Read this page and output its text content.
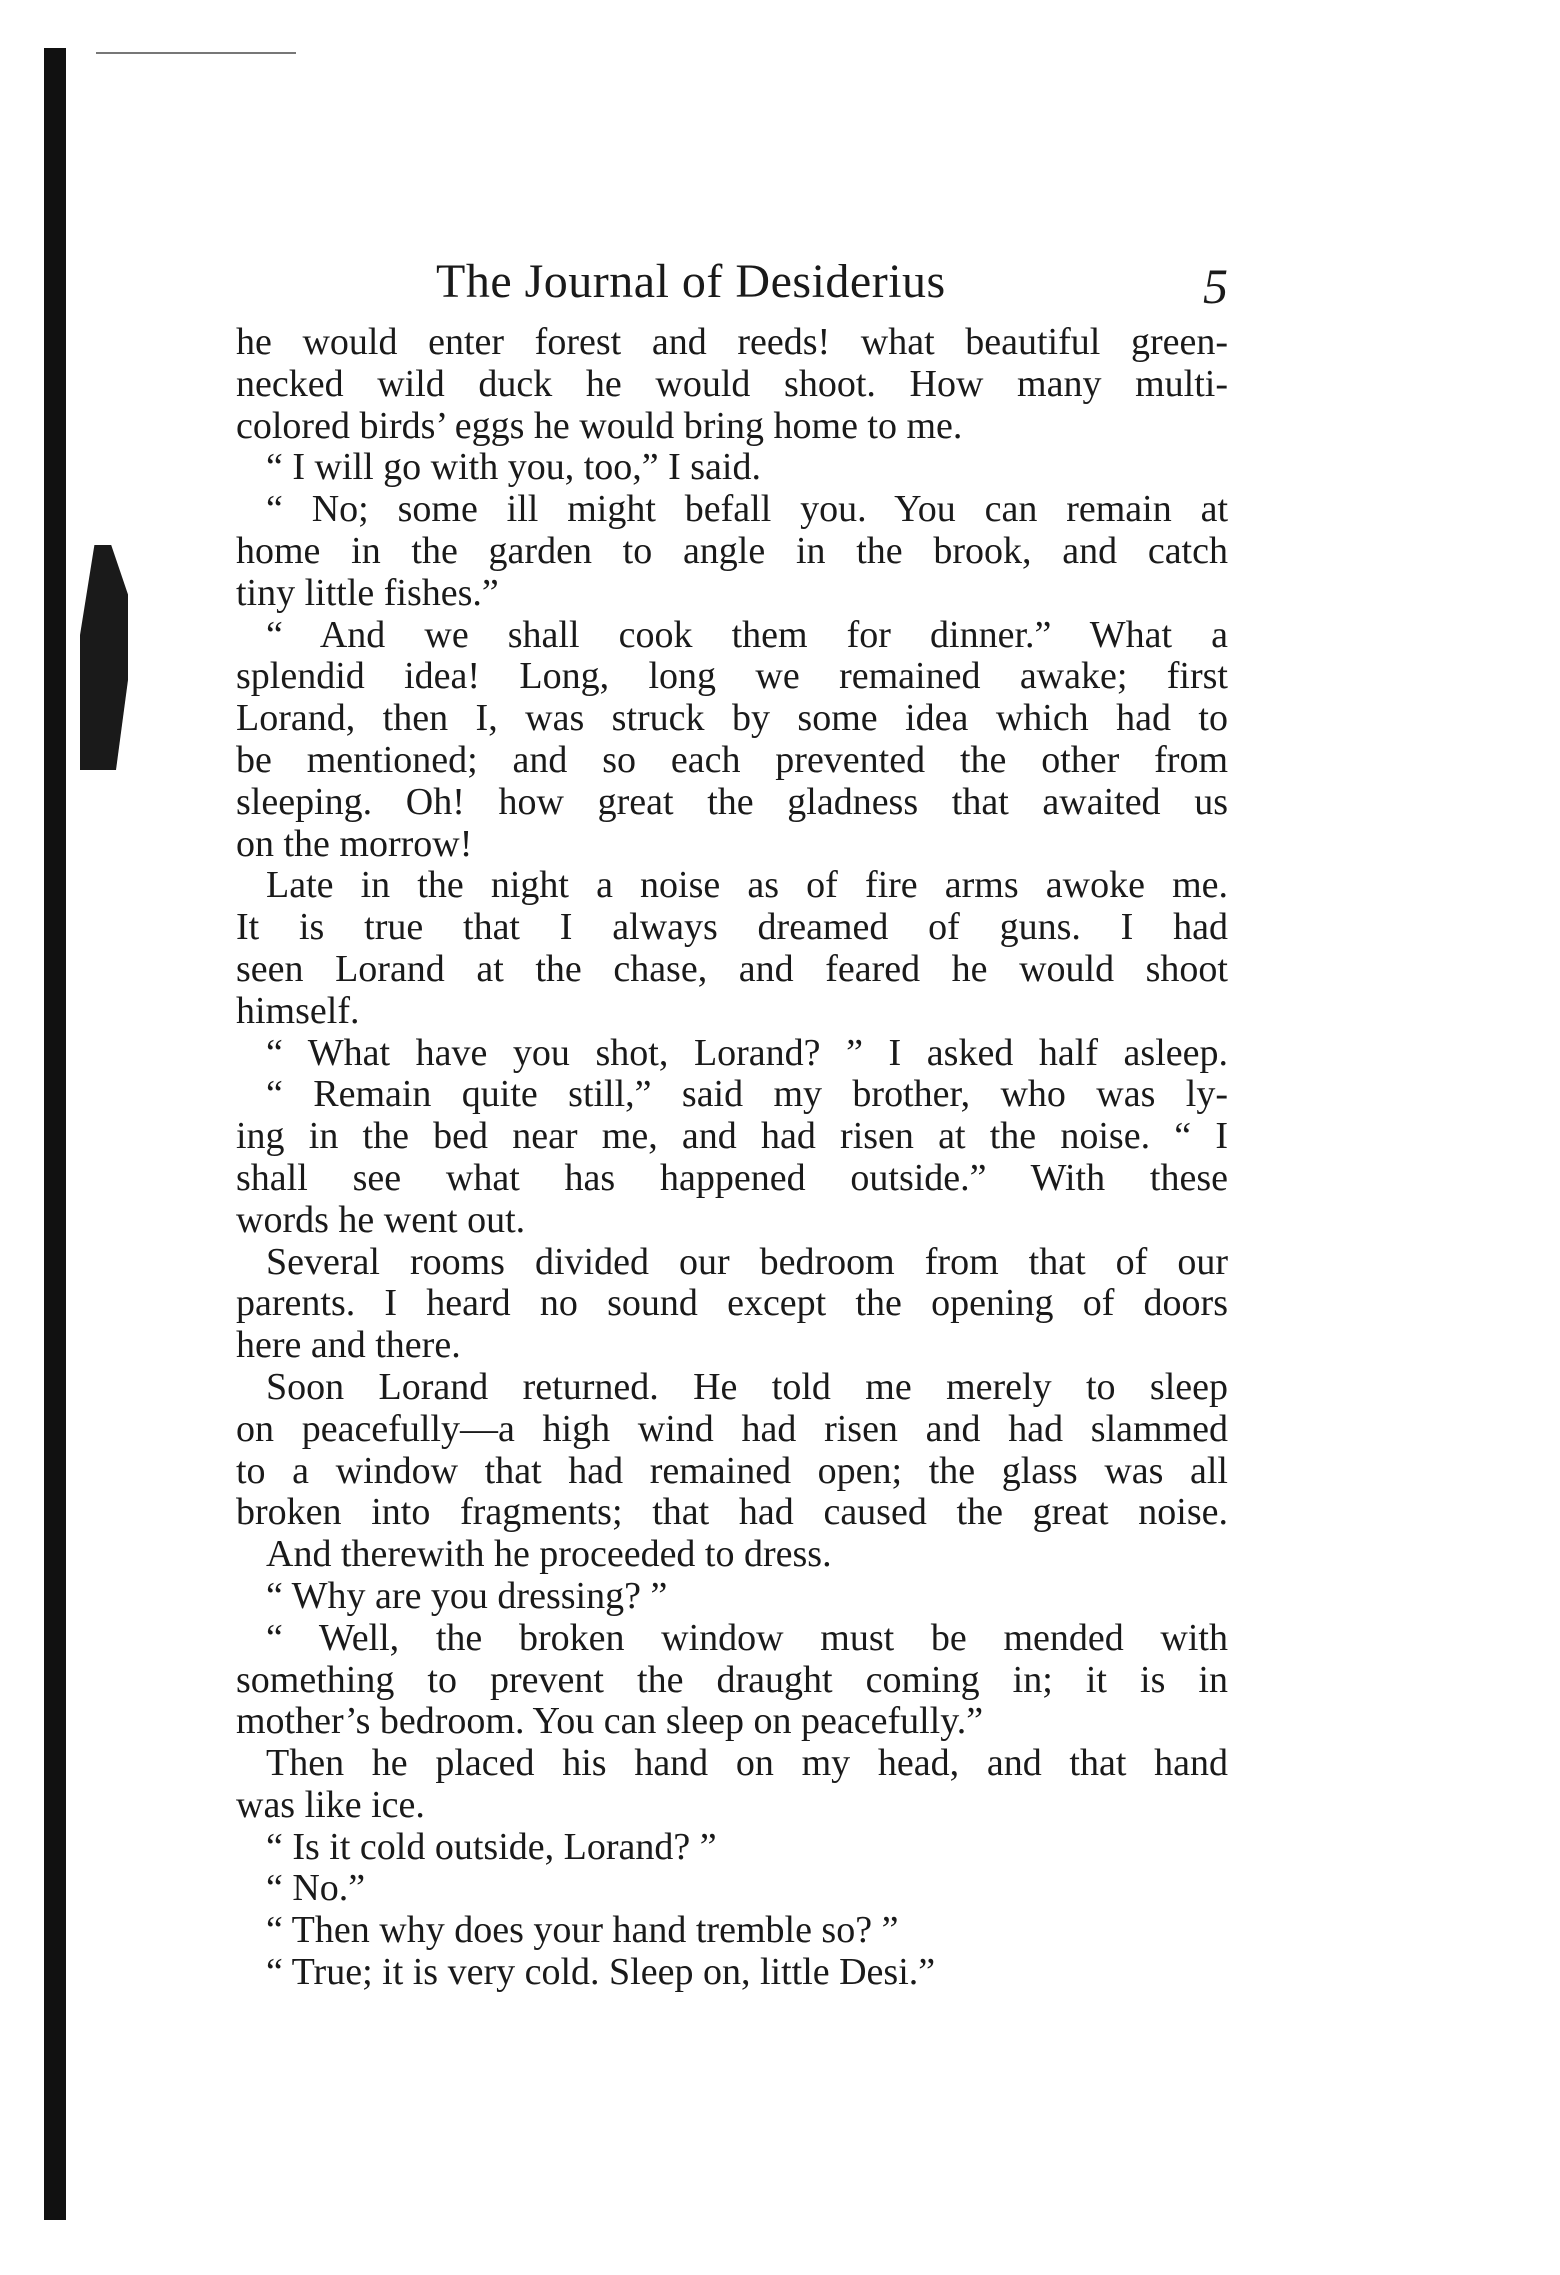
The Journal of Desiderius	5
he would enter forest and reeds! what beautiful green-
necked wild duck he would shoot. How many multi-
colored birds’ eggs he would bring home to me.
“ I will go with you, too,” I said.
“ No; some ill might befall you. You can remain at
home in the garden to angle in the brook, and catch
tiny little fishes.”
“ And we shall cook them for dinner.” What a
splendid idea! Long, long we remained awake; first
Lorand, then I, was struck by some idea which had to
be mentioned; and so each prevented the other from
sleeping. Oh! how great the gladness that awaited us
on the morrow!
Late in the night a noise as of fire arms awoke me.
It is true that I always dreamed of guns. I had
seen Lorand at the chase, and feared he would shoot
himself.
“ What have you shot, Lorand? ” I asked half asleep.
“ Remain quite still,” said my brother, who was ly-
ing in the bed near me, and had risen at the noise. “ I
shall see what has happened outside.” With these
words he went out.
Several rooms divided our bedroom from that of our
parents. I heard no sound except the opening of doors
here and there.
Soon Lorand returned. He told me merely to sleep
on peacefully—a high wind had risen and had slammed
to a window that had remained open; the glass was all
broken into fragments; that had caused the great noise.
And therewith he proceeded to dress.
“ Why are you dressing? ”
“ Well, the broken window must be mended with
something to prevent the draught coming in; it is in
mother’s bedroom. You can sleep on peacefully.”
Then he placed his hand on my head, and that hand
was like ice.
“ Is it cold outside, Lorand? ”
“ No.”
“ Then why does your hand tremble so? ”
“ True; it is very cold. Sleep on, little Desi.”
